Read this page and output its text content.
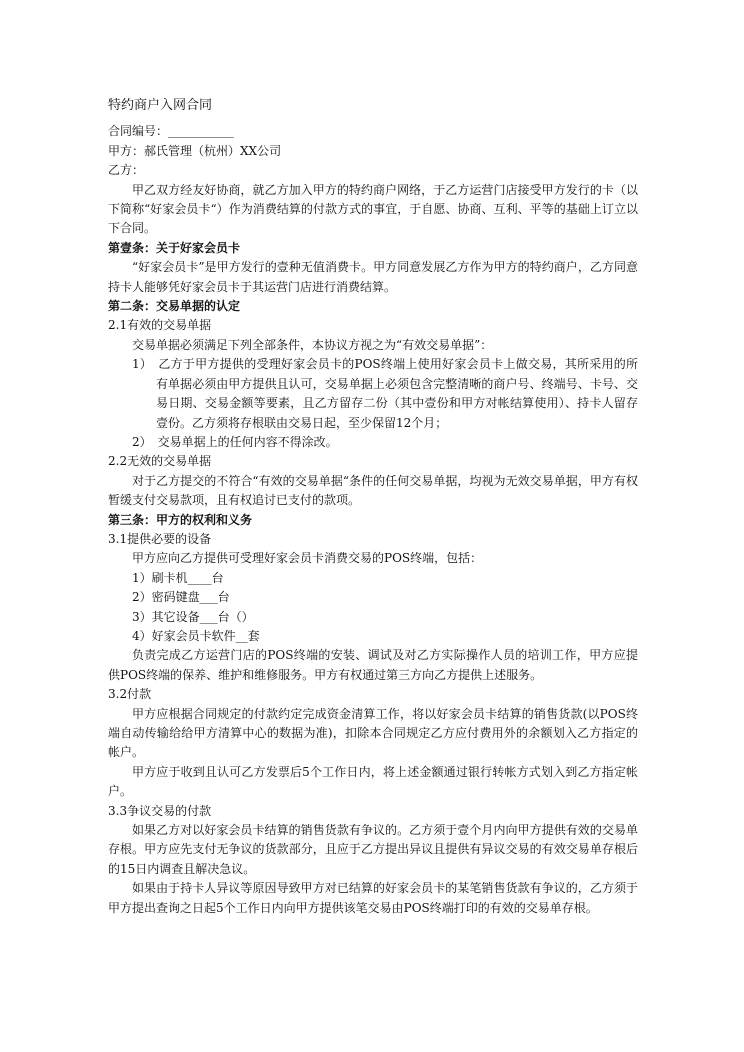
特约商户入网合同

合同编号：___________

甲方：郝氏管理（杭州）XX公司

乙方：

甲乙双方经友好协商，就乙方加入甲方的特约商户网络，于乙方运营门店接受甲方发行的卡（以下简称“好家会员卡“）作为消费结算的付款方式的事宜，于自愿、协商、互利、平等的基础上订立以下合同。

第壹条：关于好家会员卡

“好家会员卡”是甲方发行的壹种无值消费卡。甲方同意发展乙方作为甲方的特约商户，乙方同意持卡人能够凭好家会员卡于其运营门店进行消费结算。

第二条：交易单据的认定

2.1有效的交易单据

交易单据必须满足下列全部条件，本协议方视之为“有效交易单据”：

1）　乙方于甲方提供的受理好家会员卡的POS终端上使用好家会员卡上做交易，其所采用的所有单据必须由甲方提供且认可，交易单据上必须包含完整清晰的商户号、终端号、卡号、交易日期、交易金额等要素，且乙方留存二份（其中壹份和甲方对帐结算使用）、持卡人留存壹份。乙方须将存根联由交易日起，至少保留12个月；

2）　交易单据上的任何内容不得涂改。

2.2无效的交易单据

对于乙方提交的不符合“有效的交易单据“条件的任何交易单据，均视为无效交易单据，甲方有权暂缓支付交易款项，且有权追讨已支付的款项。

第三条：甲方的权利和义务

3.1提供必要的设备

甲方应向乙方提供可受理好家会员卡消费交易的POS终端，包括：

1）刷卡机____台

2）密码键盘___台

3）其它设备___台（）

4）好家会员卡软件__套

负责完成乙方运营门店的POS终端的安装、调试及对乙方实际操作人员的培训工作，甲方应提供POS终端的保养、维护和维修服务。甲方有权通过第三方向乙方提供上述服务。

3.2付款

甲方应根据合同规定的付款约定完成资金清算工作，将以好家会员卡结算的销售货款(以POS终端自动传输给给甲方清算中心的数据为准)，扣除本合同规定乙方应付费用外的余额划入乙方指定的帐户。

甲方应于收到且认可乙方发票后5个工作日内，将上述金额通过银行转帐方式划入到乙方指定帐户。

3.3争议交易的付款

如果乙方对以好家会员卡结算的销售货款有争议的。乙方须于壹个月内向甲方提供有效的交易单存根。甲方应先支付无争议的货款部分，且应于乙方提出异议且提供有异议交易的有效交易单存根后的15日内调查且解决急议。

如果由于持卡人异议等原因导致甲方对已结算的好家会员卡的某笔销售货款有争议的，乙方须于甲方提出查询之日起5个工作日内向甲方提供该笔交易由POS终端打印的有效的交易单存根。
